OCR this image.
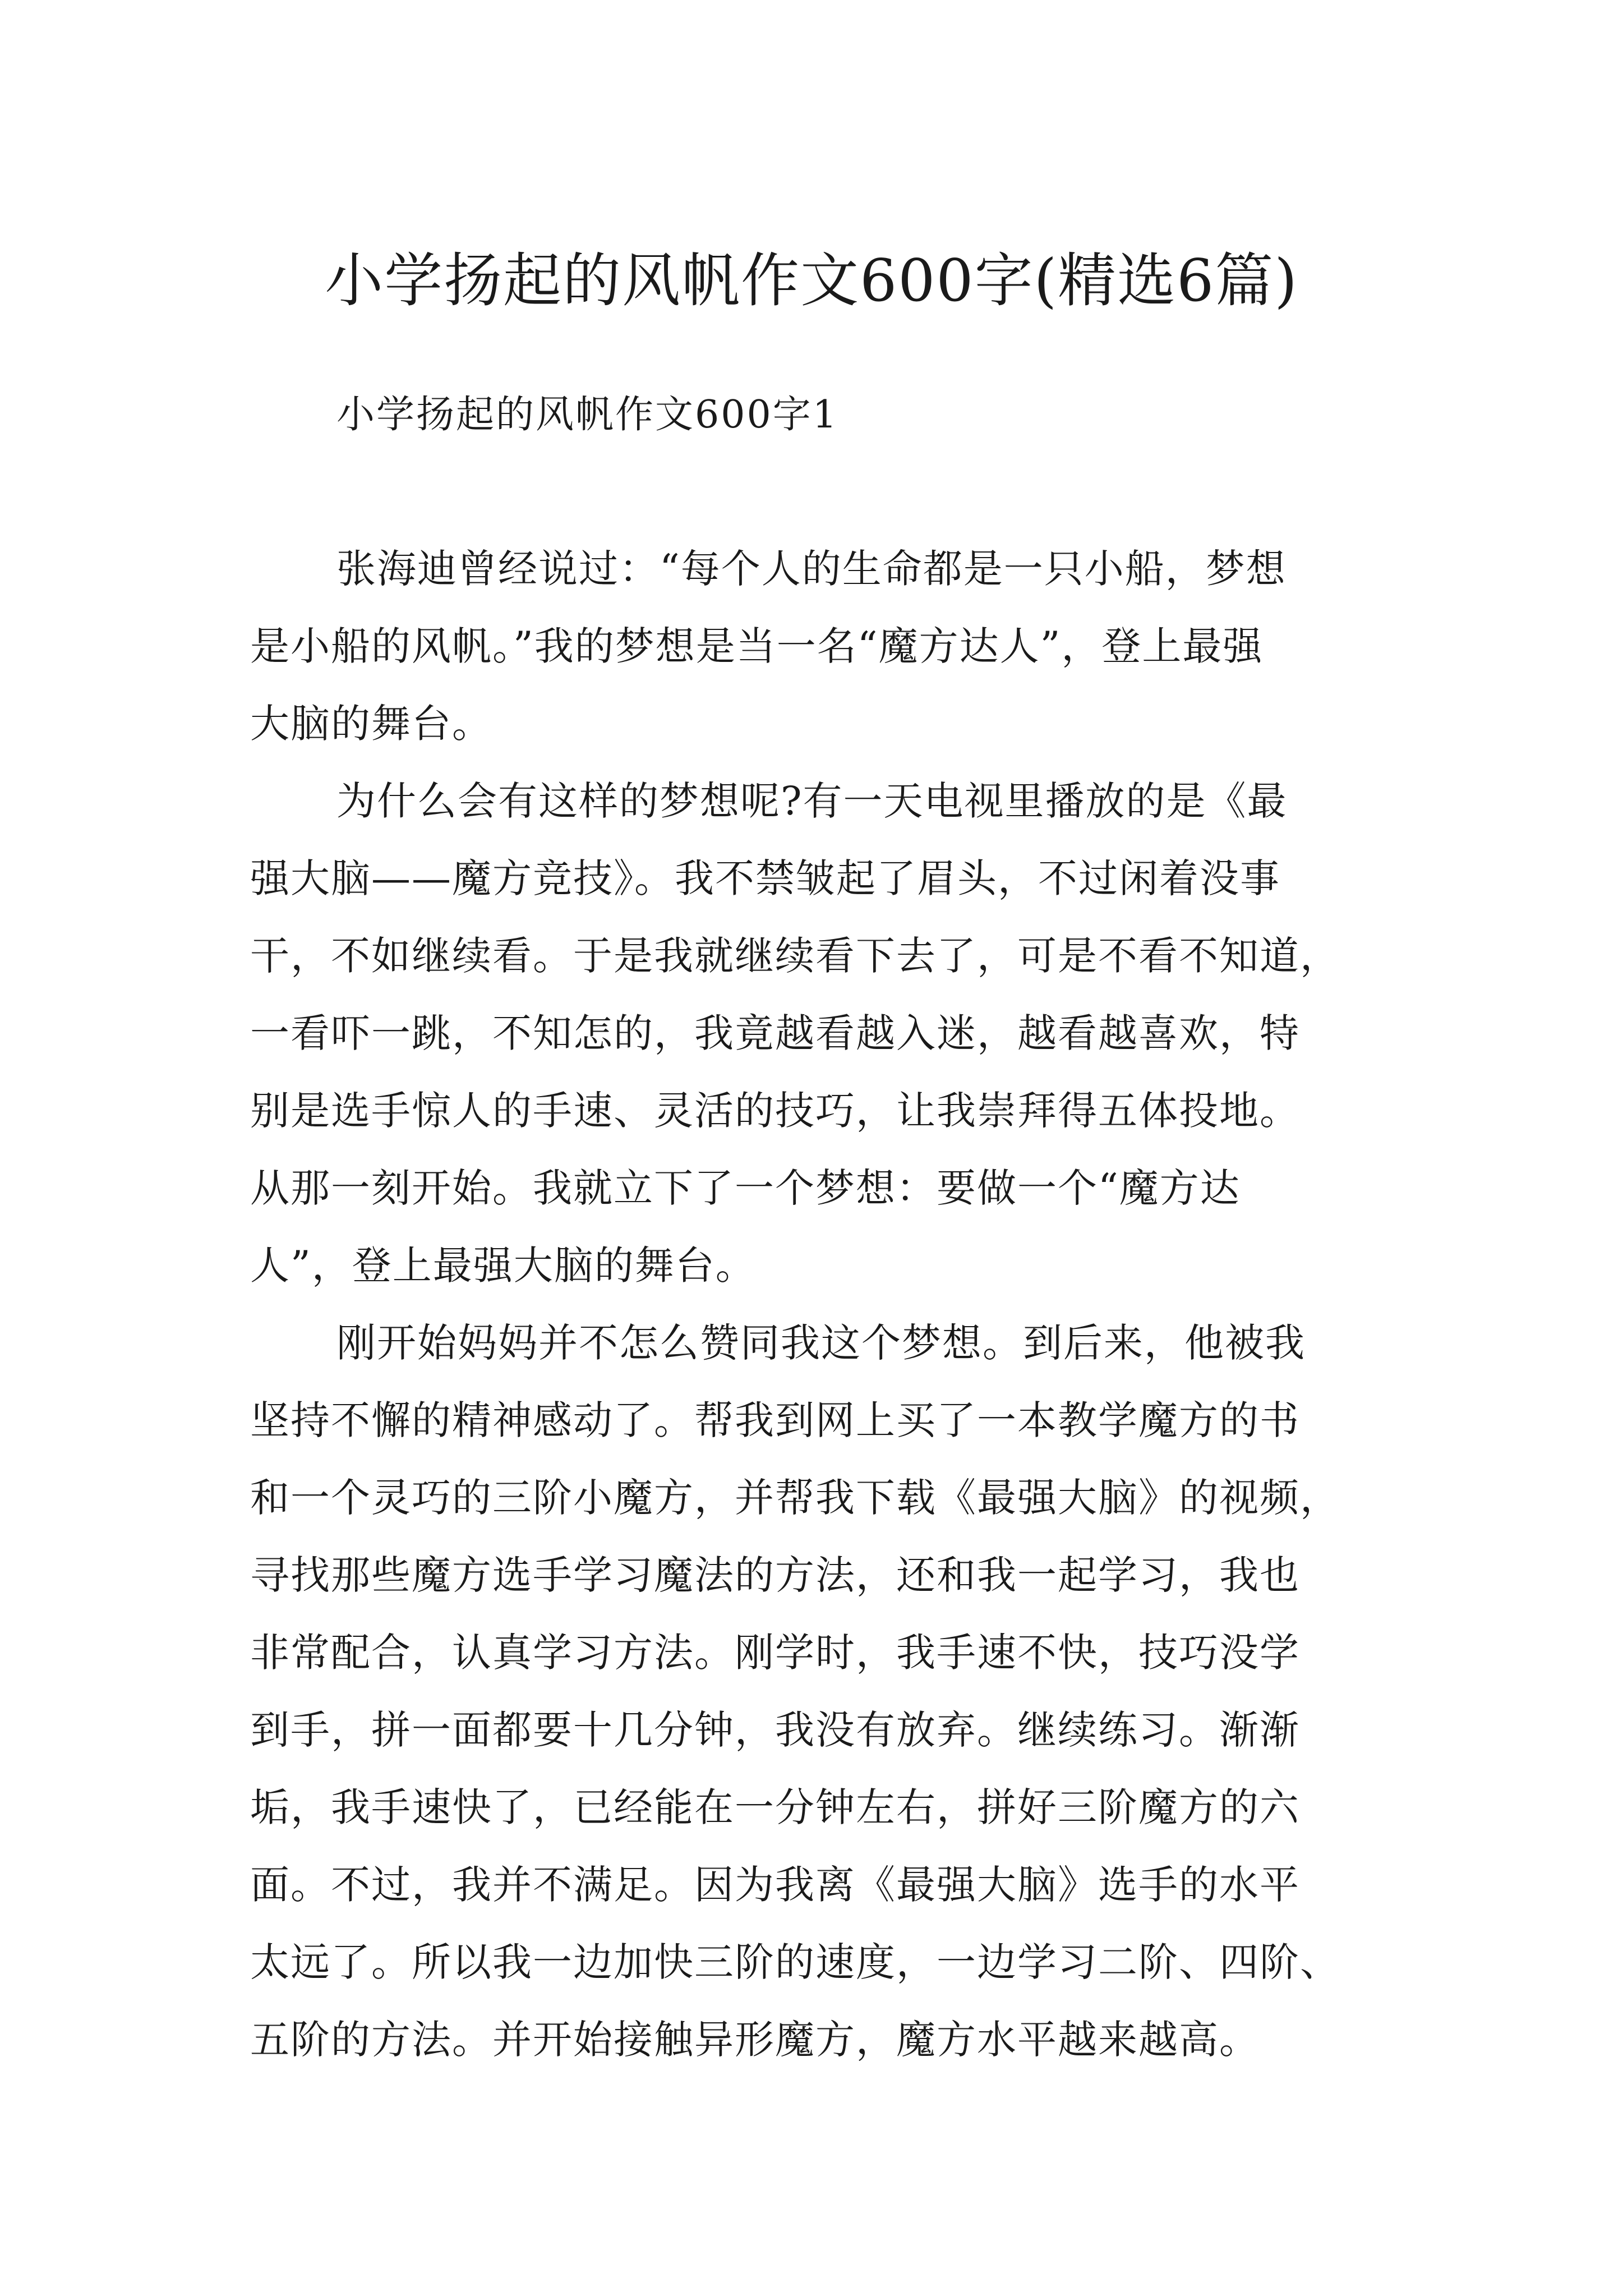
小学扬起的风帆作文600字(精选6篇)
小学扬起的风帆作文600字1

张海迪曾经说过：“每个人的生命都是一只小船，梦想
是小船的风帆。”我的梦想是当一名“魔方达人”，登上最强
大脑的舞台。

为什么会有这样的梦想呢?有一天电视里播放的是《最
强大脑——魔方竞技》。我不禁皱起了眉头，不过闲着没事
干，不如继续看。于是我就继续看下去了，可是不看不知道，
一看吓一跳，不知怎的，我竟越看越入迷，越看越喜欢，特
别是选手惊人的手速、灵活的技巧，让我崇拜得五体投地。
从那一刻开始。我就立下了一个梦想：要做一个“魔方达
人”，登上最强大脑的舞台。

刚开始妈妈并不怎么赞同我这个梦想。到后来，他被我
坚持不懈的精神感动了。帮我到网上买了一本教学魔方的书
和一个灵巧的三阶小魔方，并帮我下载《最强大脑》的视频，
寻找那些魔方选手学习魔法的方法，还和我一起学习，我也
非常配合，认真学习方法。刚学时，我手速不快，技巧没学
到手，拼一面都要十几分钟，我没有放弃。继续练习。渐渐
垢，我手速快了，已经能在一分钟左右，拼好三阶魔方的六
面。不过，我并不满足。因为我离《最强大脑》选手的水平
太远了。所以我一边加快三阶的速度，一边学习二阶、四阶、
五阶的方法。并开始接触异形魔方，魔方水平越来越高。
